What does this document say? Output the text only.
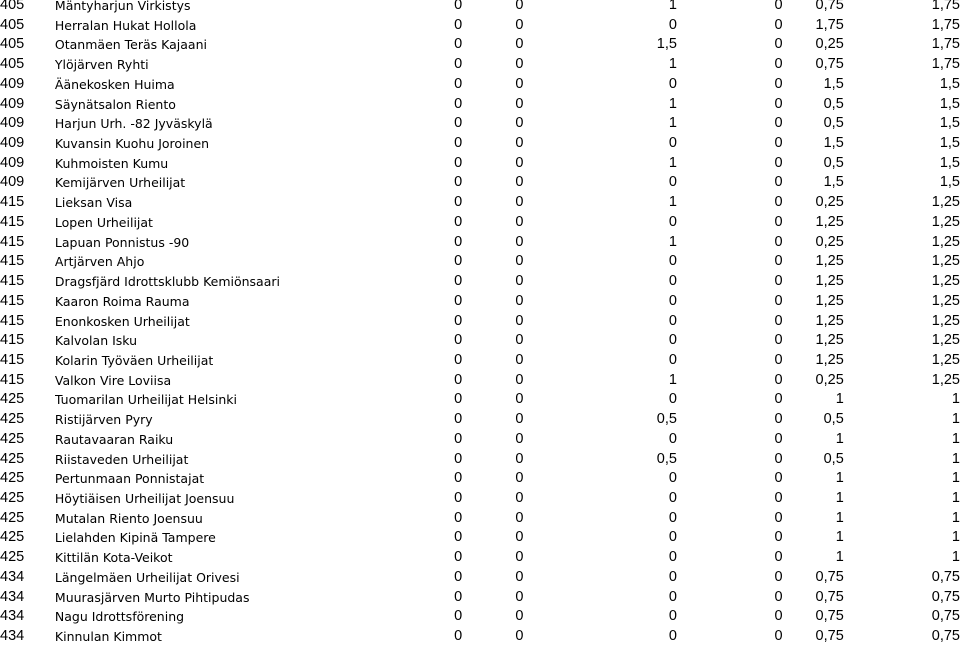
405	Mäntyharjun Virkistys	0	0	1	0	0,75	1,75
405	Herralan Hukat Hollola	0	0	0	0	1,75	1,75
405	Otanmäen Teräs Kajaani	0	0	1,5	0	0,25	1,75
405	Ylöjärven Ryhti	0	0	1	0	0,75	1,75
409	Äänekosken Huima	0	0	0	0	1,5	1,5
409	Säynätsalon Riento	0	0	1	0	0,5	1,5
409	Harjun Urh. -82 Jyväskylä	0	0	1	0	0,5	1,5
409	Kuvansin Kuohu Joroinen	0	0	0	0	1,5	1,5
409	Kuhmoisten Kumu	0	0	1	0	0,5	1,5
409	Kemijärven Urheilijat	0	0	0	0	1,5	1,5
415	Lieksan Visa	0	0	1	0	0,25	1,25
415	Lopen Urheilijat	0	0	0	0	1,25	1,25
415	Lapuan Ponnistus -90	0	0	1	0	0,25	1,25
415	Artjärven Ahjo	0	0	0	0	1,25	1,25
415	Dragsfjärd Idrottsklubb Kemiönsaari	0	0	0	0	1,25	1,25
415	Kaaron Roima Rauma	0	0	0	0	1,25	1,25
415	Enonkosken Urheilijat	0	0	0	0	1,25	1,25
415	Kalvolan Isku	0	0	0	0	1,25	1,25
415	Kolarin Työväen Urheilijat	0	0	0	0	1,25	1,25
415	Valkon Vire Loviisa	0	0	1	0	0,25	1,25
425	Tuomarilan Urheilijat Helsinki	0	0	0	0	1	1
425	Ristijärven Pyry	0	0	0,5	0	0,5	1
425	Rautavaaran Raiku	0	0	0	0	1	1
425	Riistaveden Urheilijat	0	0	0,5	0	0,5	1
425	Pertunmaan Ponnistajat	0	0	0	0	1	1
425	Höytiäisen Urheilijat Joensuu	0	0	0	0	1	1
425	Mutalan Riento Joensuu	0	0	0	0	1	1
425	Lielahden Kipinä Tampere	0	0	0	0	1	1
425	Kittilän Kota-Veikot	0	0	0	0	1	1
434	Längelmäen Urheilijat Orivesi	0	0	0	0	0,75	0,75
434	Muurasjärven Murto Pihtipudas	0	0	0	0	0,75	0,75
434	Nagu Idrottsförening	0	0	0	0	0,75	0,75
434	Kinnulan Kimmot	0	0	0	0	0,75	0,75
